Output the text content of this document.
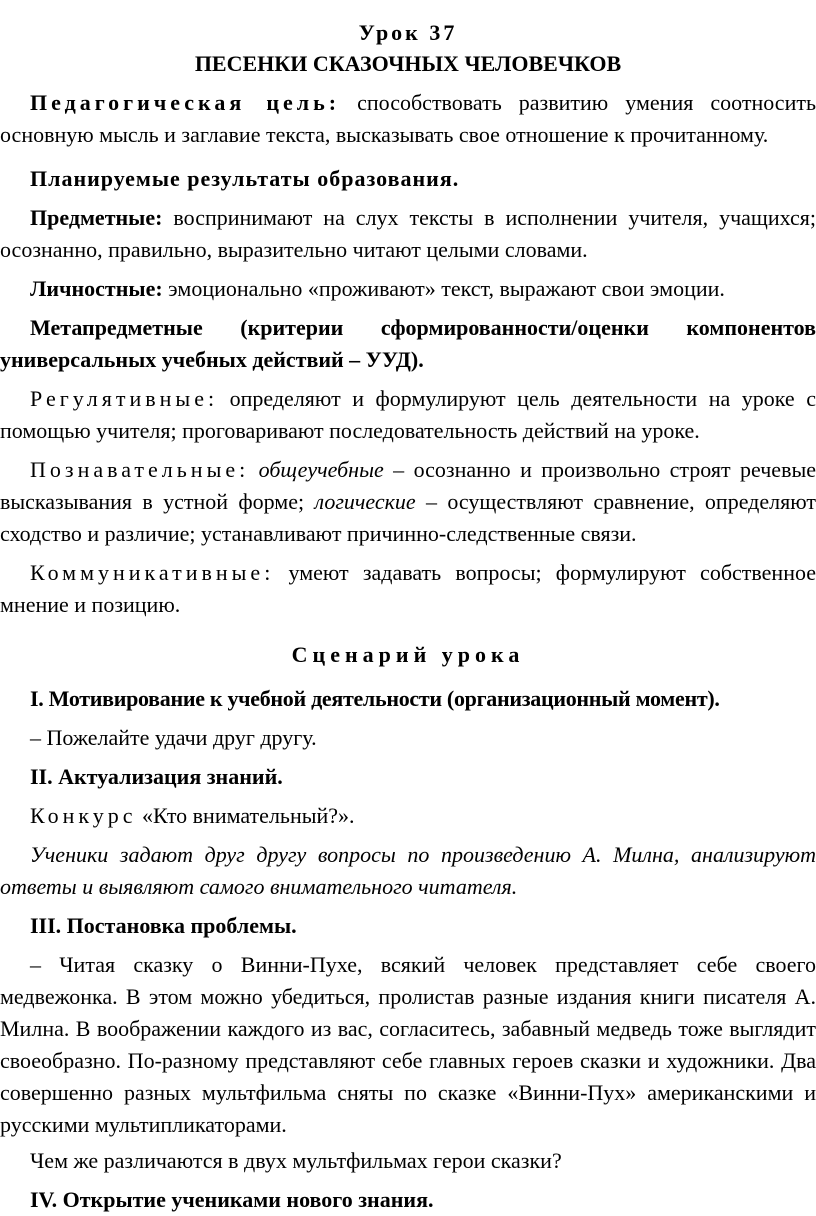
Урок 37
ПЕСЕНКИ СКАЗОЧНЫХ ЧЕЛОВЕЧКОВ

Педагогическая цель: способствовать развитию умения соотносить основную мысль и заглавие текста, высказывать свое отношение к прочитанному.

Планируемые результаты образования.

Предметные: воспринимают на слух тексты в исполнении учителя, учащихся; осознанно, правильно, выразительно читают целыми словами.

Личностные: эмоционально «проживают» текст, выражают свои эмоции.

Метапредметные (критерии сформированности/оценки компонентов универсальных учебных действий – УУД).

Регулятивные: определяют и формулируют цель деятельности на уроке с помощью учителя; проговаривают последовательность действий на уроке.

Познавательные: общеучебные – осознанно и произвольно строят речевые высказывания в устной форме; логические – осуществляют сравнение, определяют сходство и различие; устанавливают причинно-следственные связи.

Коммуникативные: умеют задавать вопросы; формулируют собственное мнение и позицию.

Сценарий урока

I. Мотивирование к учебной деятельности (организационный момент).

– Пожелайте удачи друг другу.

II. Актуализация знаний.

Конкурс «Кто внимательный?».

Ученики задают друг другу вопросы по произведению А. Милна, анализируют ответы и выявляют самого внимательного читателя.

III. Постановка проблемы.

– Читая сказку о Винни-Пухе, всякий человек представляет себе своего медвежонка. В этом можно убедиться, пролистав разные издания книги писателя А. Милна. В воображении каждого из вас, согласитесь, забавный медведь тоже выглядит своеобразно. По-разному представляют себе главных героев сказки и художники. Два совершенно разных мультфильма сняты по сказке «Винни-Пух» американскими и русскими мультипликаторами.

Чем же различаются в двух мультфильмах герои сказки?

IV. Открытие учениками нового знания.
